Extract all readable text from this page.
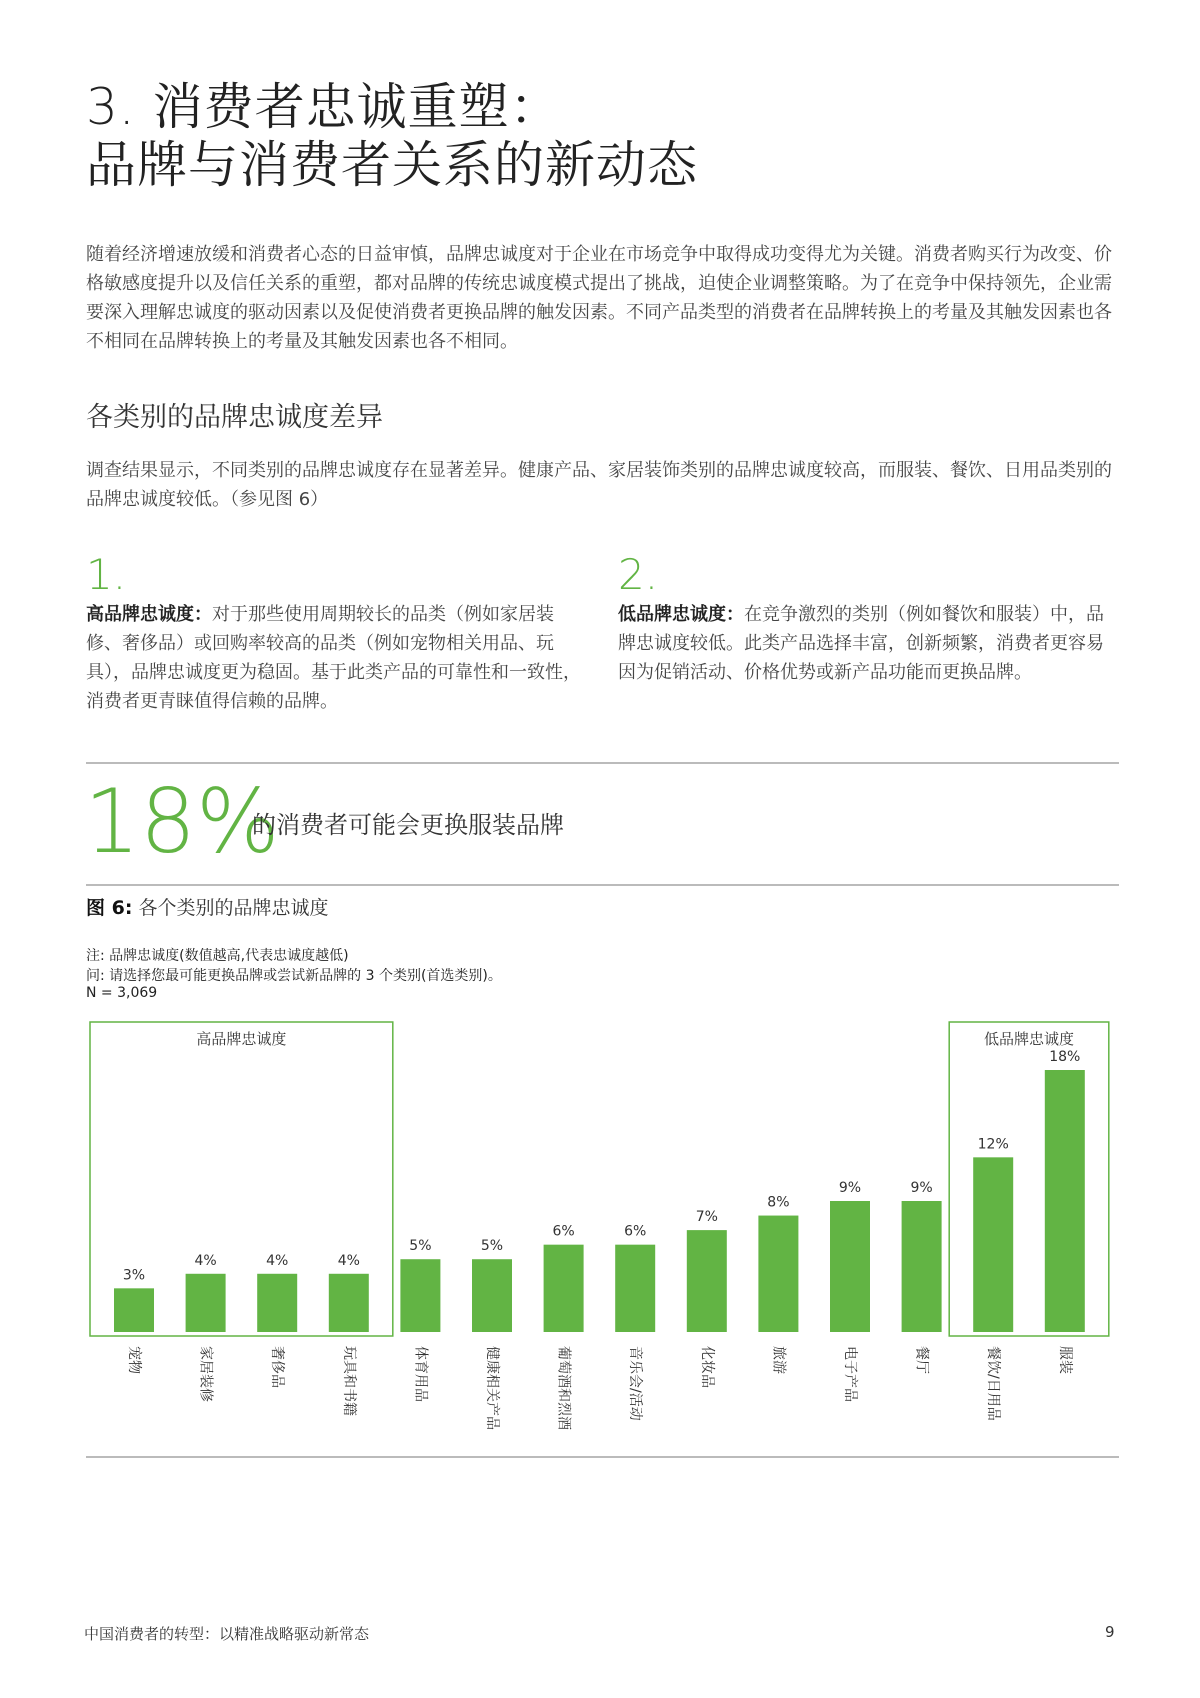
3. 消费者忠诚重塑：
品牌与消费者关系的新动态
随着经济增速放缓和消费者心态的日益审慎，品牌忠诚度对于企业在市场竞争中取得成功变得尤为关键。消费者购买行为改变、价格敏感度提升以及信任关系的重塑，都对品牌的传统忠诚度模式提出了挑战，迫使企业调整策略。为了在竞争中保持领先，企业需要深入理解忠诚度的驱动因素以及促使消费者更换品牌的触发因素。不同产品类型的消费者在品牌转换上的考量及其触发因素也各不相同在品牌转换上的考量及其触发因素也各不相同。
各类别的品牌忠诚度差异
调查结果显示，不同类别的品牌忠诚度存在显著差异。健康产品、家居装饰类别的品牌忠诚度较高，而服装、餐饮、日用品类别的品牌忠诚度较低。（参见图 6）
1.
高品牌忠诚度：对于那些使用周期较长的品类（例如家居装修、奢侈品）或回购率较高的品类（例如宠物相关用品、玩具），品牌忠诚度更为稳固。基于此类产品的可靠性和一致性，消费者更青睐值得信赖的品牌。
2.
低品牌忠诚度：在竞争激烈的类别（例如餐饮和服装）中，品牌忠诚度较低。此类产品选择丰富，创新频繁，消费者更容易因为促销活动、价格优势或新产品功能而更换品牌。
18%
的消费者可能会更换服装品牌
图 6: 各个类别的品牌忠诚度
注: 品牌忠诚度(数值越高,代表忠诚度越低)
问: 请选择您最可能更换品牌或尝试新品牌的 3 个类别(首选类别)。
N = 3,069
高品牌忠诚度	低品牌忠诚度
3%
宠物
4%
家居装修
4%
奢侈品
4%
玩具和书籍
5%
体育用品
5%
健康相关产品
6%
葡萄酒和烈酒
6%
音乐会/活动
7%
化妆品
8%
旅游
9%
电子产品
9%
餐厅
12%
餐饮/日用品
18%
服装
中国消费者的转型：以精准战略驱动新常态	9
